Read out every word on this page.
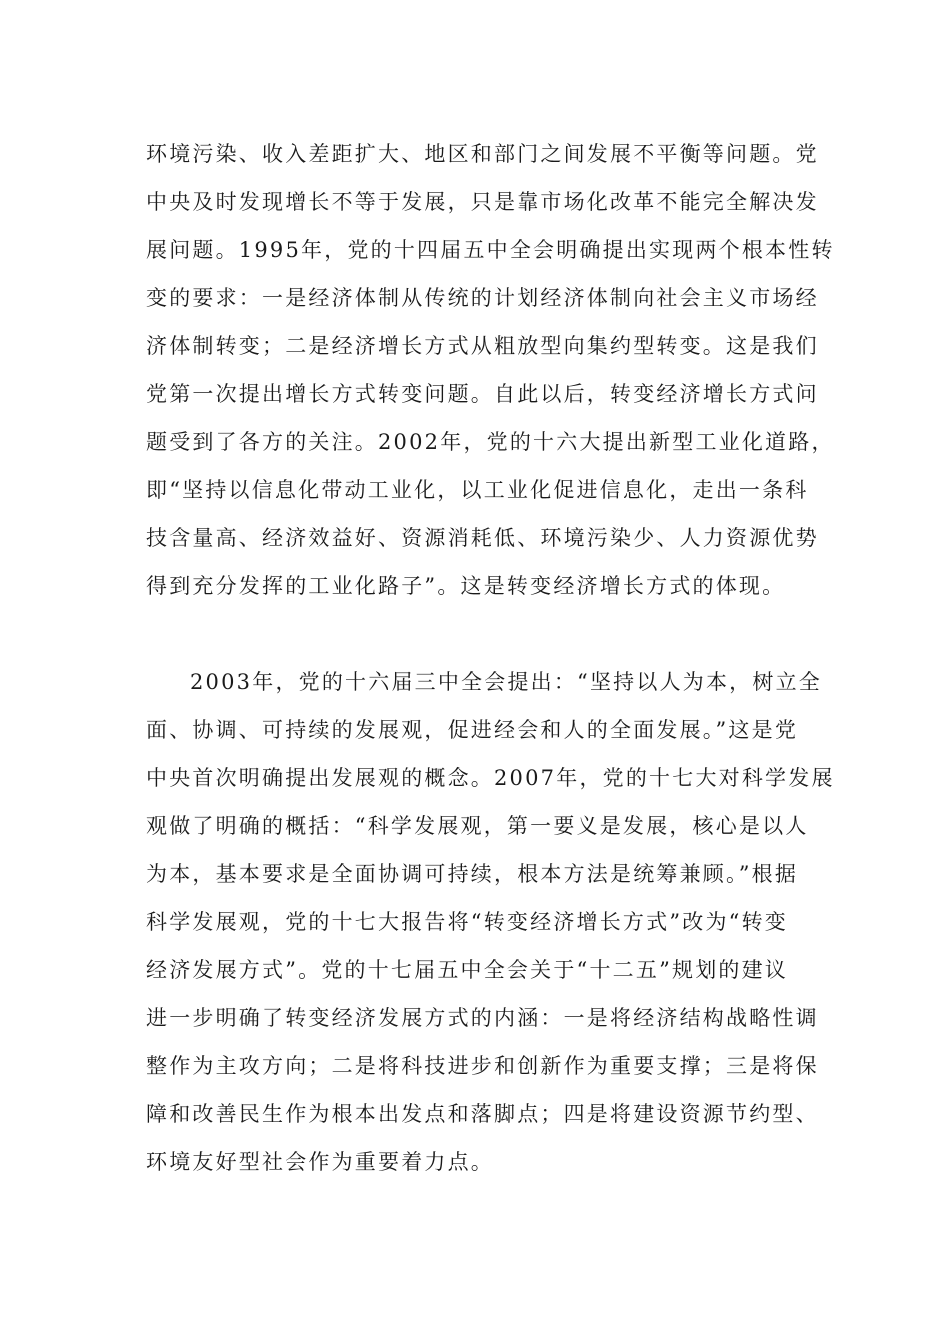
环境污染、收入差距扩大、地区和部门之间发展不平衡等问题。党
中央及时发现增长不等于发展，只是靠市场化改革不能完全解决发
展问题。1995年，党的十四届五中全会明确提出实现两个根本性转
变的要求：一是经济体制从传统的计划经济体制向社会主义市场经
济体制转变；二是经济增长方式从粗放型向集约型转变。这是我们
党第一次提出增长方式转变问题。自此以后，转变经济增长方式问
题受到了各方的关注。2002年，党的十六大提出新型工业化道路，
即“坚持以信息化带动工业化，以工业化促进信息化，走出一条科
技含量高、经济效益好、资源消耗低、环境污染少、人力资源优势
得到充分发挥的工业化路子”。这是转变经济增长方式的体现。
2003年，党的十六届三中全会提出：“坚持以人为本，树立全
面、协调、可持续的发展观，促进经会和人的全面发展。”这是党
中央首次明确提出发展观的概念。2007年，党的十七大对科学发展
观做了明确的概括：“科学发展观，第一要义是发展，核心是以人
为本，基本要求是全面协调可持续，根本方法是统筹兼顾。”根据
科学发展观，党的十七大报告将“转变经济增长方式”改为“转变
经济发展方式”。党的十七届五中全会关于“十二五”规划的建议
进一步明确了转变经济发展方式的内涵：一是将经济结构战略性调
整作为主攻方向；二是将科技进步和创新作为重要支撑；三是将保
障和改善民生作为根本出发点和落脚点；四是将建设资源节约型、
环境友好型社会作为重要着力点。
